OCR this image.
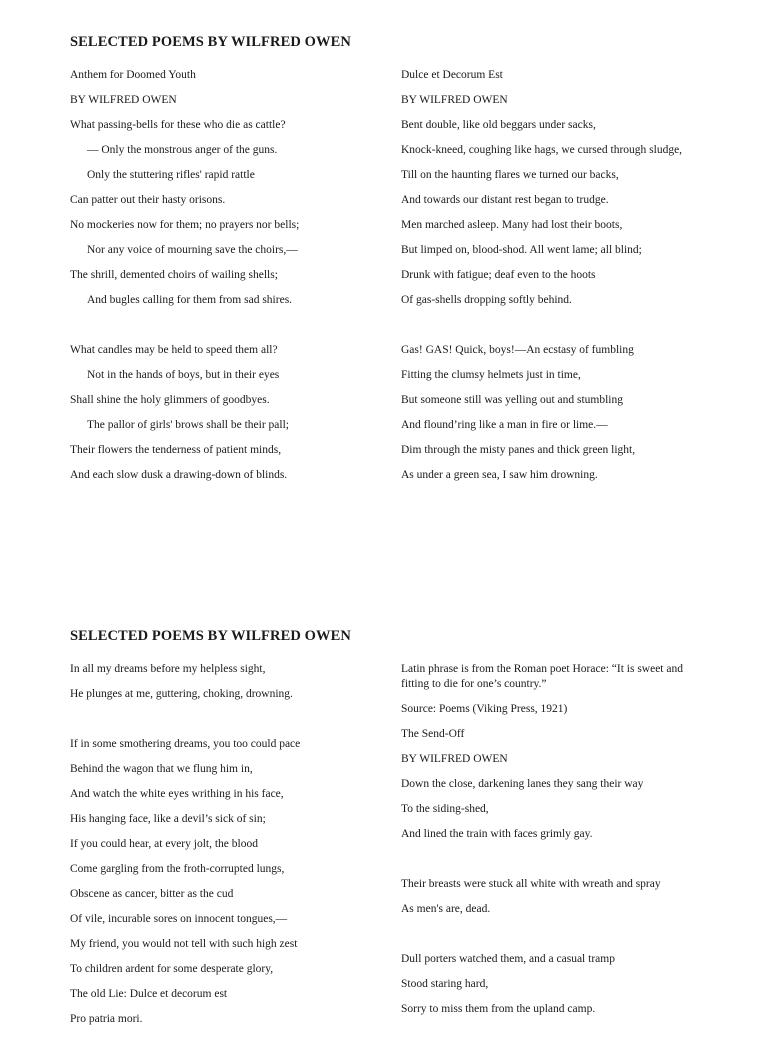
SELECTED POEMS BY WILFRED OWEN

Anthem for Doomed Youth

BY WILFRED OWEN

What passing-bells for these who die as cattle?

— Only the monstrous anger of the guns.

Only the stuttering rifles' rapid rattle

Can patter out their hasty orisons.

No mockeries now for them; no prayers nor bells;

Nor any voice of mourning save the choirs,—

The shrill, demented choirs of wailing shells;

And bugles calling for them from sad shires.

What candles may be held to speed them all?

Not in the hands of boys, but in their eyes

Shall shine the holy glimmers of goodbyes.

The pallor of girls' brows shall be their pall;

Their flowers the tenderness of patient minds,

And each slow dusk a drawing-down of blinds.

Dulce et Decorum Est

BY WILFRED OWEN

Bent double, like old beggars under sacks,

Knock-kneed, coughing like hags, we cursed through sludge,

Till on the haunting flares we turned our backs,

And towards our distant rest began to trudge.

Men marched asleep. Many had lost their boots,

But limped on, blood-shod. All went lame; all blind;

Drunk with fatigue; deaf even to the hoots

Of gas-shells dropping softly behind.

Gas! GAS! Quick, boys!—An ecstasy of fumbling

Fitting the clumsy helmets just in time,

But someone still was yelling out and stumbling

And flound’ring like a man in fire or lime.—

Dim through the misty panes and thick green light,

As under a green sea, I saw him drowning.

SELECTED POEMS BY WILFRED OWEN

In all my dreams before my helpless sight,

He plunges at me, guttering, choking, drowning.

If in some smothering dreams, you too could pace

Behind the wagon that we flung him in,

And watch the white eyes writhing in his face,

His hanging face, like a devil’s sick of sin;

If you could hear, at every jolt, the blood

Come gargling from the froth-corrupted lungs,

Obscene as cancer, bitter as the cud

Of vile, incurable sores on innocent tongues,—

My friend, you would not tell with such high zest

To children ardent for some desperate glory,

The old Lie: Dulce et decorum est

Pro patria mori.

Latin phrase is from the Roman poet Horace: “It is sweet and fitting to die for one’s country.”

Source: Poems (Viking Press, 1921)

The Send-Off

BY WILFRED OWEN

Down the close, darkening lanes they sang their way

To the siding-shed,

And lined the train with faces grimly gay.

Their breasts were stuck all white with wreath and spray

As men's are, dead.

Dull porters watched them, and a casual tramp

Stood staring hard,

Sorry to miss them from the upland camp.
